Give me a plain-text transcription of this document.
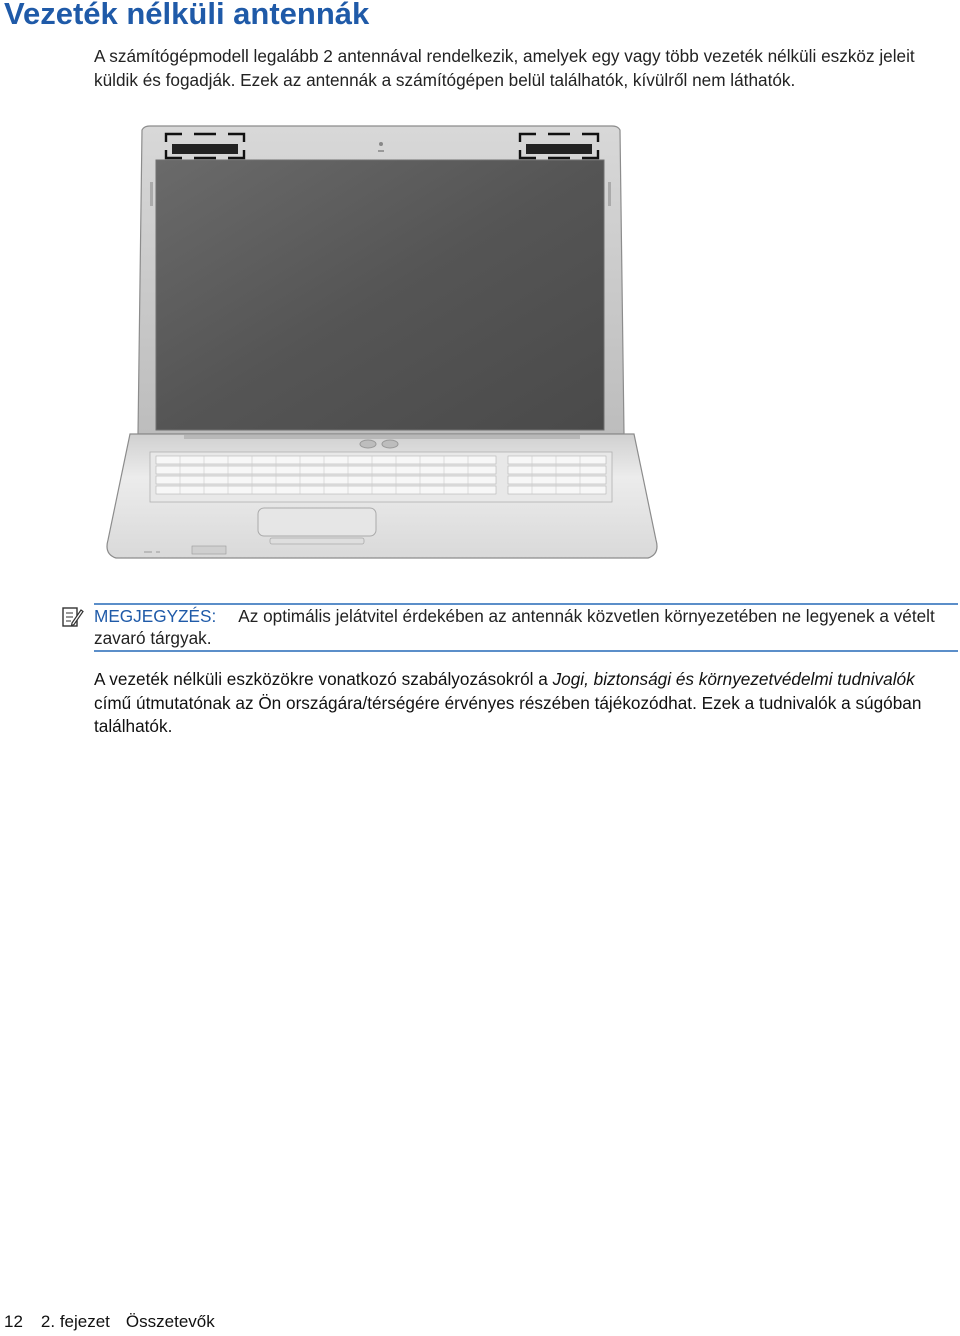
Vezeték nélküli antennák

A számítógépmodell legalább 2 antennával rendelkezik, amelyek egy vagy több vezeték nélküli eszköz jeleit küldik és fogadják. Ezek az antennák a számítógépen belül találhatók, kívülről nem láthatók.

MEGJEGYZÉS: Az optimális jelátvitel érdekében az antennák közvetlen környezetében ne legyenek a vételt zavaró tárgyak.

A vezeték nélküli eszközökre vonatkozó szabályozásokról a Jogi, biztonsági és környezetvédelmi tudnivalók című útmutatónak az Ön országára/térségére érvényes részében tájékozódhat. Ezek a tudnivalók a súgóban találhatók.

12 2. fejezet Összetevők
